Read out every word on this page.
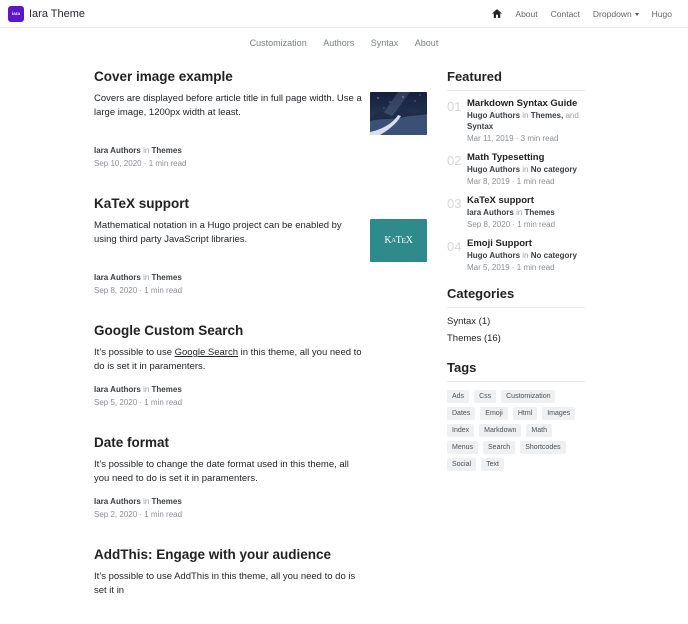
iara Iara Theme	About Contact Dropdown	Hugo
Customization Authors Syntax About
Cover image example

Covers are displayed before article title in full page width. Use a large image, 1200px width at least.

Iara Authors in Themes
Sep 10, 2020 · 1 min read
KaTeX support

Mathematical notation in a Hugo project can be enabled by using third party JavaScript libraries.	K A T E X
Iara Authors in Themes
Sep 8, 2020 · 1 min read
Google Custom Search

It’s possible to use Google Search in this theme, all you need to do is set it in paramenters.

Iara Authors in Themes
Sep 5, 2020 · 1 min read
Date format

It’s possible to change the date format used in this theme, all you need to do is set it in paramenters.

Iara Authors in Themes
Sep 2, 2020 · 1 min read
AddThis: Engage with your audience

It’s possible to use AddThis in this theme, all you need to do is set it in

Featured
01 Markdown Syntax Guide
Hugo Authors in Themes, and Syntax
Mar 11, 2019 · 3 min read
02 Math Typesetting
Hugo Authors in No category
Mar 8, 2019 · 1 min read
03 KaTeX support
Iara Authors in Themes
Sep 8, 2020 · 1 min read
04 Emoji Support
Hugo Authors in No category
Mar 5, 2019 · 1 min read
Categories
Syntax (1)
Themes (16)
Tags
Ads	Css	Customization
Dates	Emoji	Html	Images
Index	Markdown	Math
Menus	Search	Shortcodes
Social	Text
